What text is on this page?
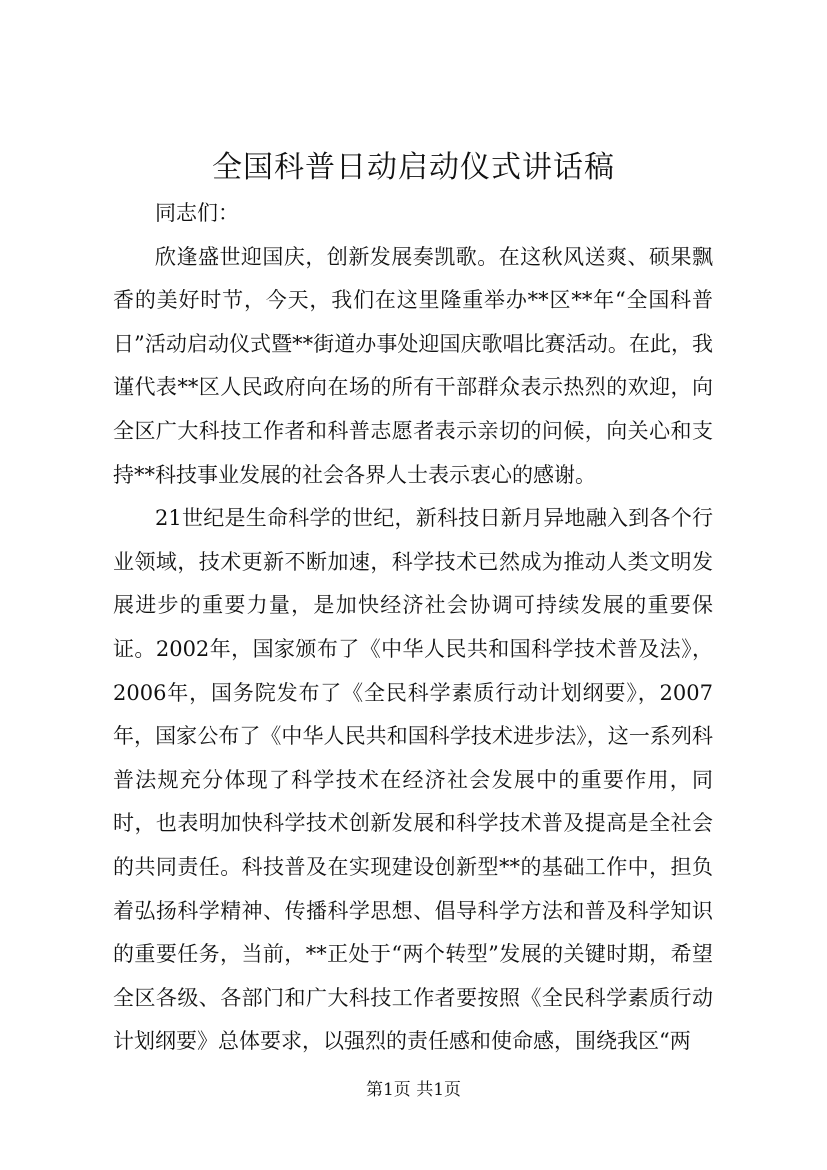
全国科普日动启动仪式讲话稿

同志们：

欣逢盛世迎国庆，创新发展奏凯歌。在这秋风送爽、硕果飘香的美好时节，今天，我们在这里隆重举办**区**年“全国科普日”活动启动仪式暨**街道办事处迎国庆歌唱比赛活动。在此，我谨代表**区人民政府向在场的所有干部群众表示热烈的欢迎，向全区广大科技工作者和科普志愿者表示亲切的问候，向关心和支持**科技事业发展的社会各界人士表示衷心的感谢。

21世纪是生命科学的世纪，新科技日新月异地融入到各个行业领域，技术更新不断加速，科学技术已然成为推动人类文明发展进步的重要力量，是加快经济社会协调可持续发展的重要保证。2002年，国家颁布了《中华人民共和国科学技术普及法》，2006年，国务院发布了《全民科学素质行动计划纲要》，2007年，国家公布了《中华人民共和国科学技术进步法》，这一系列科普法规充分体现了科学技术在经济社会发展中的重要作用，同时，也表明加快科学技术创新发展和科学技术普及提高是全社会的共同责任。科技普及在实现建设创新型**的基础工作中，担负着弘扬科学精神、传播科学思想、倡导科学方法和普及科学知识的重要任务，当前，**正处于“两个转型”发展的关键时期，希望全区各级、各部门和广大科技工作者要按照《全民科学素质行动计划纲要》总体要求，以强烈的责任感和使命感，围绕我区“两

第1页 共1页
